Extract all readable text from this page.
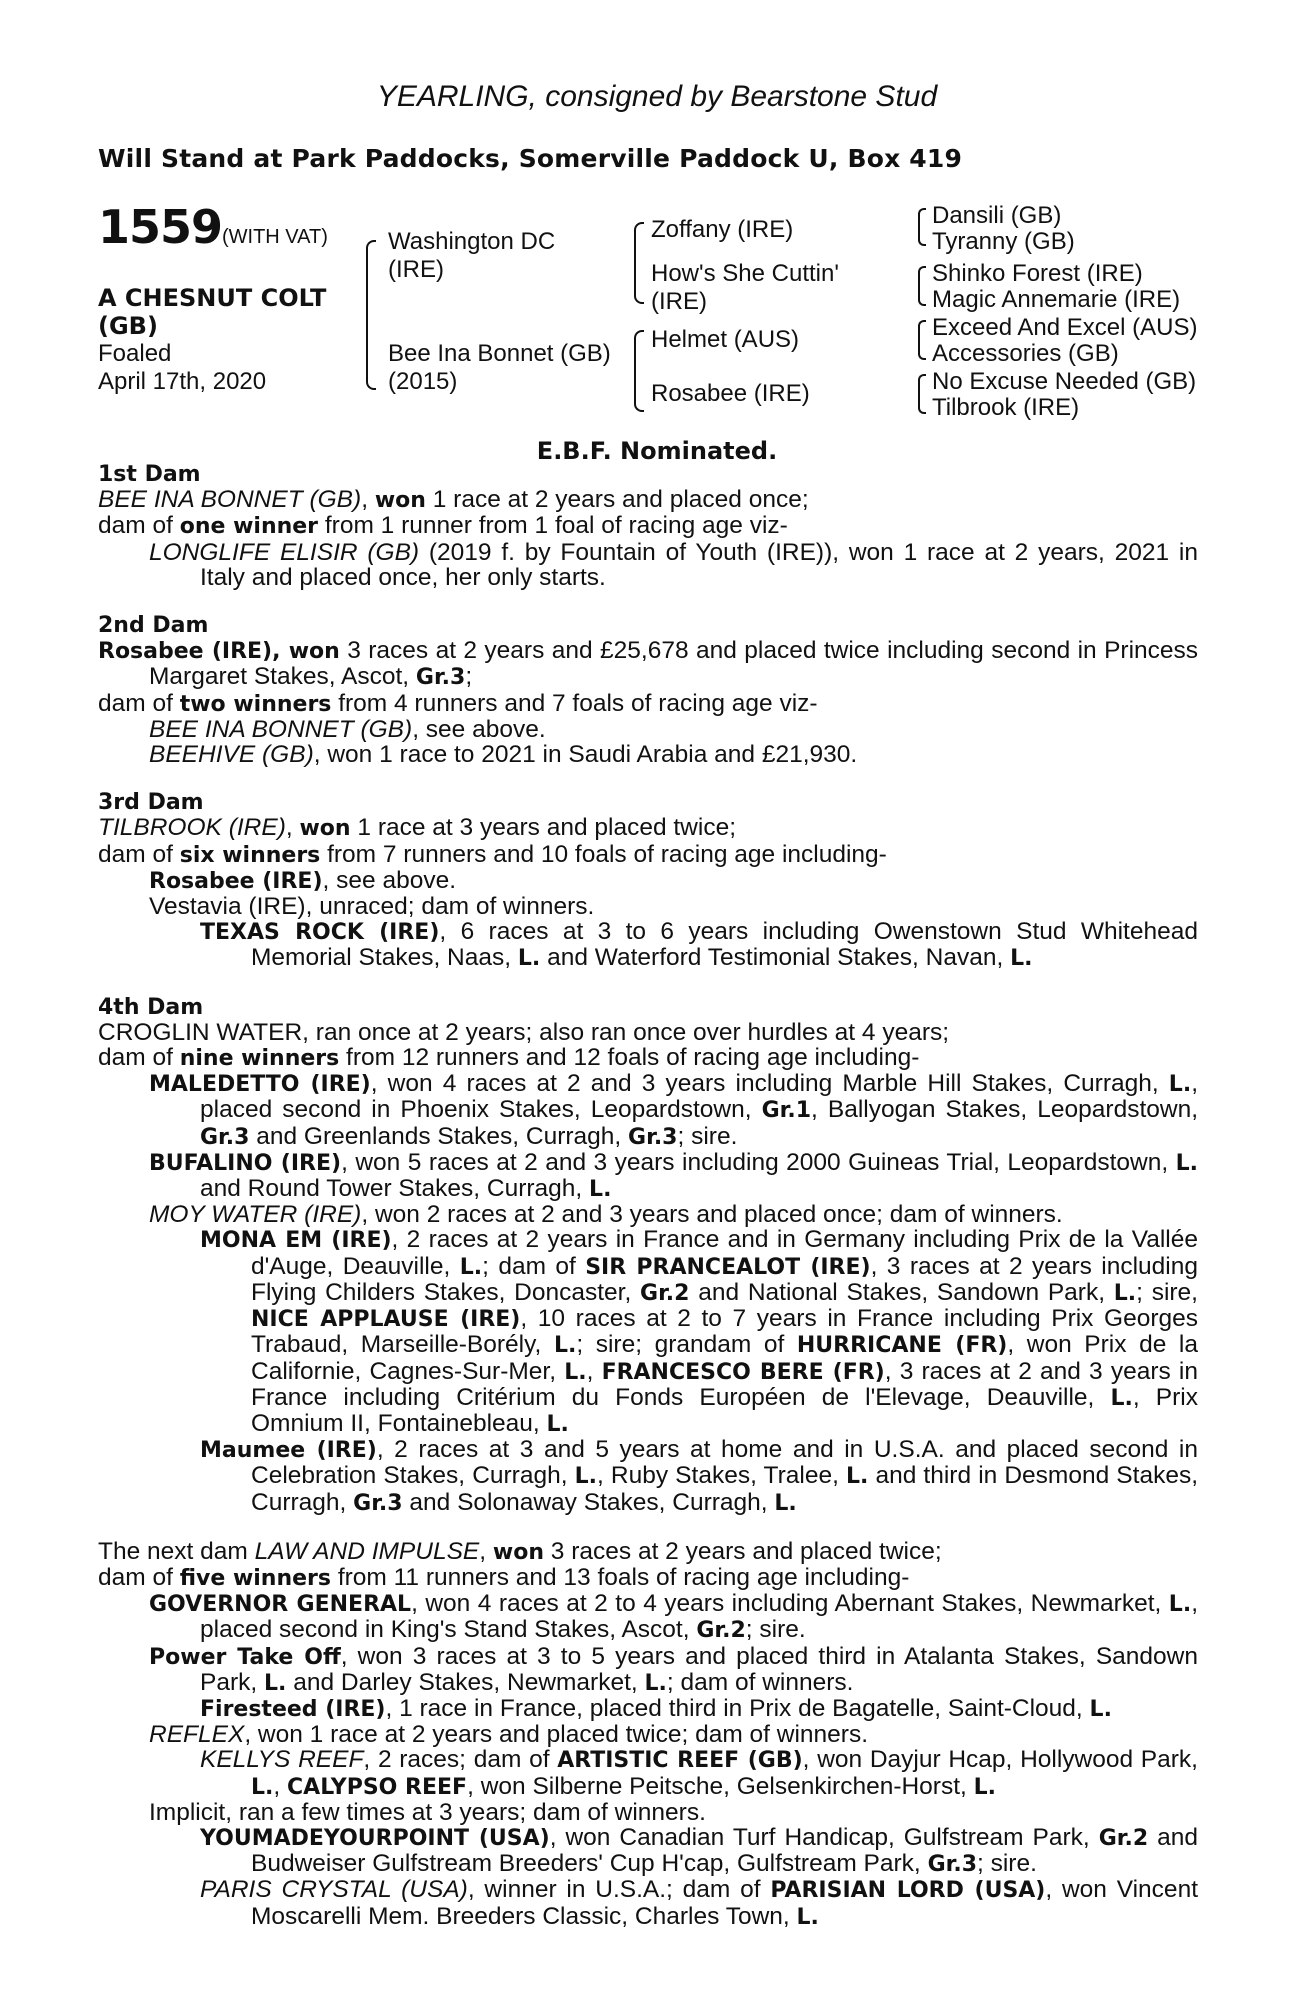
YEARLING, consigned by Bearstone Stud
Will Stand at Park Paddocks, Somerville Paddock U, Box 419
1559 (WITH VAT)
A CHESNUT COLT
(GB)
Foaled
April 17th, 2020
Washington DC
(IRE)
Bee Ina Bonnet (GB)
(2015)
Zoffany (IRE)
How's She Cuttin'
(IRE)
Helmet (AUS)
Rosabee (IRE)
Dansili (GB)
Tyranny (GB)
Shinko Forest (IRE)
Magic Annemarie (IRE)
Exceed And Excel (AUS)
Accessories (GB)
No Excuse Needed (GB)
Tilbrook (IRE)
E.B.F. Nominated.

1st Dam

BEE INA BONNET (GB), won 1 race at 2 years and placed once;

dam of one winner from 1 runner from 1 foal of racing age viz-

LONGLIFE ELISIR (GB) (2019 f. by Fountain of Youth (IRE)), won 1 race at 2 years, 2021 in Italy and placed once, her only starts.

2nd Dam

Rosabee (IRE), won 3 races at 2 years and £25,678 and placed twice including second in Princess Margaret Stakes, Ascot, Gr.3;

dam of two winners from 4 runners and 7 foals of racing age viz-

BEE INA BONNET (GB), see above.

BEEHIVE (GB), won 1 race to 2021 in Saudi Arabia and £21,930.

3rd Dam

TILBROOK (IRE), won 1 race at 3 years and placed twice;

dam of six winners from 7 runners and 10 foals of racing age including-

Rosabee (IRE), see above.

Vestavia (IRE), unraced; dam of winners.

TEXAS ROCK (IRE), 6 races at 3 to 6 years including Owenstown Stud Whitehead Memorial Stakes, Naas, L. and Waterford Testimonial Stakes, Navan, L.

4th Dam

CROGLIN WATER, ran once at 2 years; also ran once over hurdles at 4 years;

dam of nine winners from 12 runners and 12 foals of racing age including-

MALEDETTO (IRE), won 4 races at 2 and 3 years including Marble Hill Stakes, Curragh, L., placed second in Phoenix Stakes, Leopardstown, Gr.1, Ballyogan Stakes, Leopardstown, Gr.3 and Greenlands Stakes, Curragh, Gr.3; sire.

BUFALINO (IRE), won 5 races at 2 and 3 years including 2000 Guineas Trial, Leopardstown, L. and Round Tower Stakes, Curragh, L.

MOY WATER (IRE), won 2 races at 2 and 3 years and placed once; dam of winners.

MONA EM (IRE), 2 races at 2 years in France and in Germany including Prix de la Vallée d'Auge, Deauville, L.; dam of SIR PRANCEALOT (IRE), 3 races at 2 years including Flying Childers Stakes, Doncaster, Gr.2 and National Stakes, Sandown Park, L.; sire, NICE APPLAUSE (IRE), 10 races at 2 to 7 years in France including Prix Georges Trabaud, Marseille-Borély, L.; sire; grandam of HURRICANE (FR), won Prix de la Californie, Cagnes-Sur-Mer, L., FRANCESCO BERE (FR), 3 races at 2 and 3 years in France including Critérium du Fonds Européen de l'Elevage, Deauville, L., Prix Omnium II, Fontainebleau, L.

Maumee (IRE), 2 races at 3 and 5 years at home and in U.S.A. and placed second in Celebration Stakes, Curragh, L., Ruby Stakes, Tralee, L. and third in Desmond Stakes, Curragh, Gr.3 and Solonaway Stakes, Curragh, L.

The next dam LAW AND IMPULSE, won 3 races at 2 years and placed twice;

dam of five winners from 11 runners and 13 foals of racing age including-

GOVERNOR GENERAL, won 4 races at 2 to 4 years including Abernant Stakes, Newmarket, L., placed second in King's Stand Stakes, Ascot, Gr.2; sire.

Power Take Off, won 3 races at 3 to 5 years and placed third in Atalanta Stakes, Sandown Park, L. and Darley Stakes, Newmarket, L.; dam of winners.

Firesteed (IRE), 1 race in France, placed third in Prix de Bagatelle, Saint-Cloud, L.

REFLEX, won 1 race at 2 years and placed twice; dam of winners.

KELLYS REEF, 2 races; dam of ARTISTIC REEF (GB), won Dayjur Hcap, Hollywood Park, L., CALYPSO REEF, won Silberne Peitsche, Gelsenkirchen-Horst, L.

Implicit, ran a few times at 3 years; dam of winners.

YOUMADEYOURPOINT (USA), won Canadian Turf Handicap, Gulfstream Park, Gr.2 and Budweiser Gulfstream Breeders' Cup H'cap, Gulfstream Park, Gr.3; sire.

PARIS CRYSTAL (USA), winner in U.S.A.; dam of PARISIAN LORD (USA), won Vincent Moscarelli Mem. Breeders Classic, Charles Town, L.
